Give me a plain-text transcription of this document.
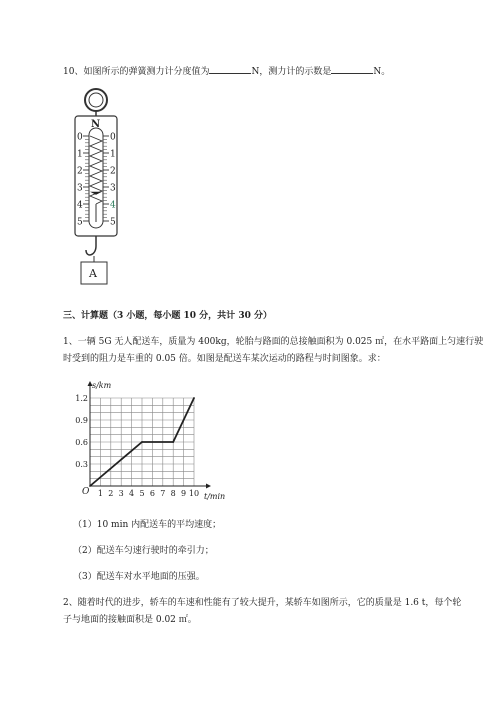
10、如图所示的弹簧测力计分度值为	N，测力计的示数是	N。
N
0	0
1	1
2	2
3	3
4	4
5	5
A
三、计算题（3 小题，每小题 10 分，共计 30 分）
1、一辆 5G 无人配送车，质量为 400kg，轮胎与路面的总接触面积为 0.025 ㎡，在水平路面上匀速行驶
时受到的阻力是车重的 0.05 倍。如图是配送车某次运动的路程与时间图象。求：
1 2 3 4 5 6 7 8 9 10
0.3
0.6
0.9
1.2
s/km
t/min
O
（1）10 min 内配送车的平均速度；
（2）配送车匀速行驶时的牵引力；
（3）配送车对水平地面的压强。
2、随着时代的进步，轿车的车速和性能有了较大提升，某轿车如图所示，它的质量是 1.6 t，每个轮
子与地面的接触面积是 0.02 ㎡。
